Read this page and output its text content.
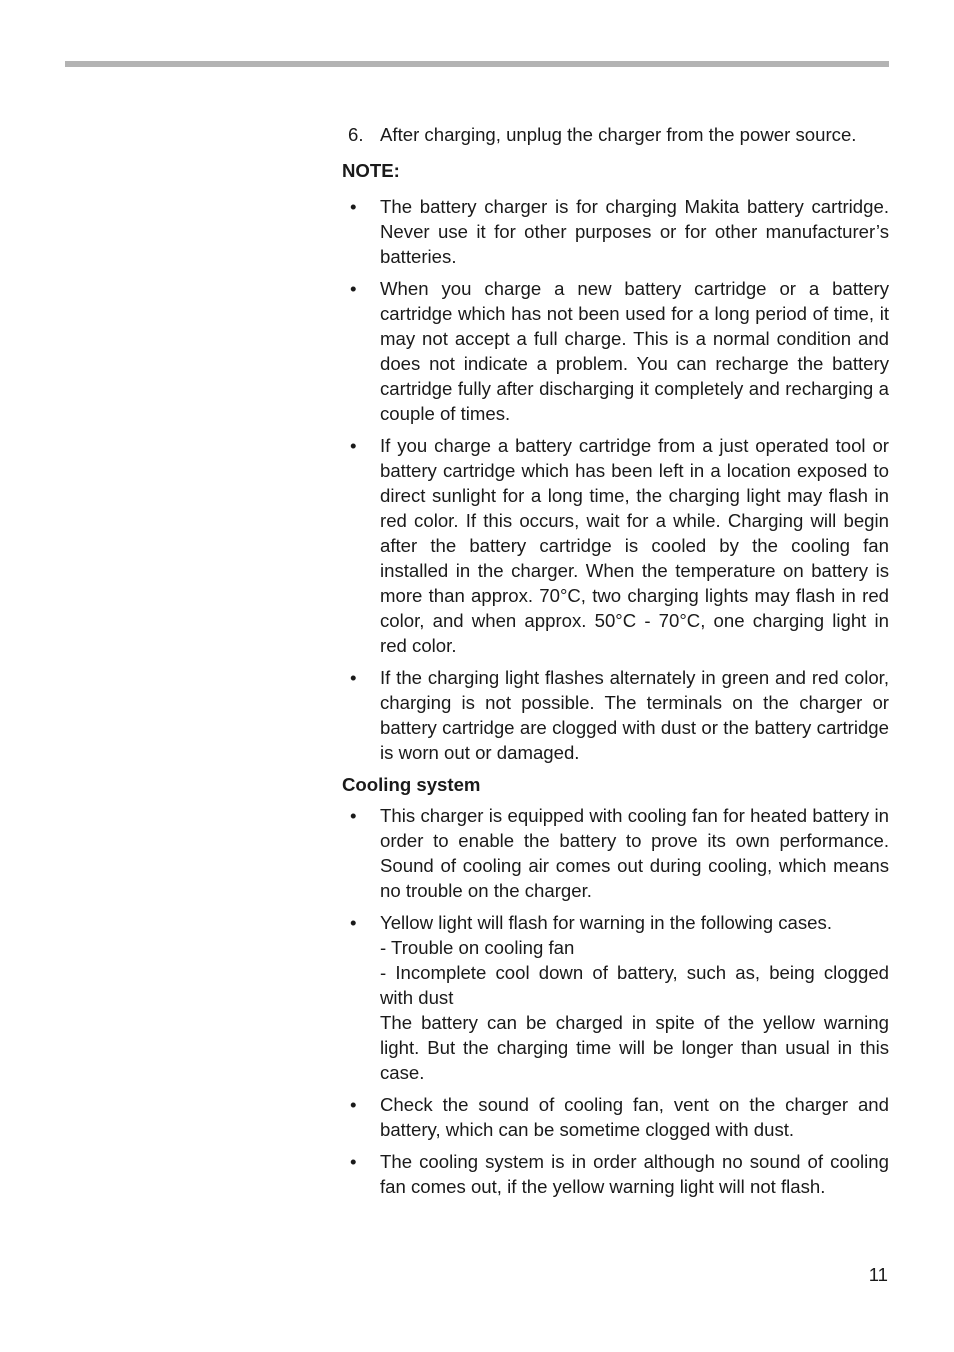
6. After charging, unplug the charger from the power source.

NOTE:

• The battery charger is for charging Makita battery cartridge. Never use it for other purposes or for other manufacturer’s batteries.

• When you charge a new battery cartridge or a battery cartridge which has not been used for a long period of time, it may not accept a full charge. This is a normal condition and does not indicate a problem. You can recharge the battery cartridge fully after discharging it completely and recharging a couple of times.

• If you charge a battery cartridge from a just operated tool or battery cartridge which has been left in a location exposed to direct sunlight for a long time, the charging light may flash in red color. If this occurs, wait for a while. Charging will begin after the battery cartridge is cooled by the cooling fan installed in the charger. When the temperature on battery is more than approx. 70°C, two charging lights may flash in red color, and when approx. 50°C - 70°C, one charging light in red color.

• If the charging light flashes alternately in green and red color, charging is not possible. The terminals on the charger or battery cartridge are clogged with dust or the battery cartridge is worn out or damaged.

Cooling system

• This charger is equipped with cooling fan for heated battery in order to enable the battery to prove its own performance. Sound of cooling air comes out during cooling, which means no trouble on the charger.

• Yellow light will flash for warning in the following cases.

- Trouble on cooling fan

- Incomplete cool down of battery, such as, being clogged with dust

The battery can be charged in spite of the yellow warning light. But the charging time will be longer than usual in this case.

• Check the sound of cooling fan, vent on the charger and battery, which can be sometime clogged with dust.

• The cooling system is in order although no sound of cooling fan comes out, if the yellow warning light will not flash.

11
